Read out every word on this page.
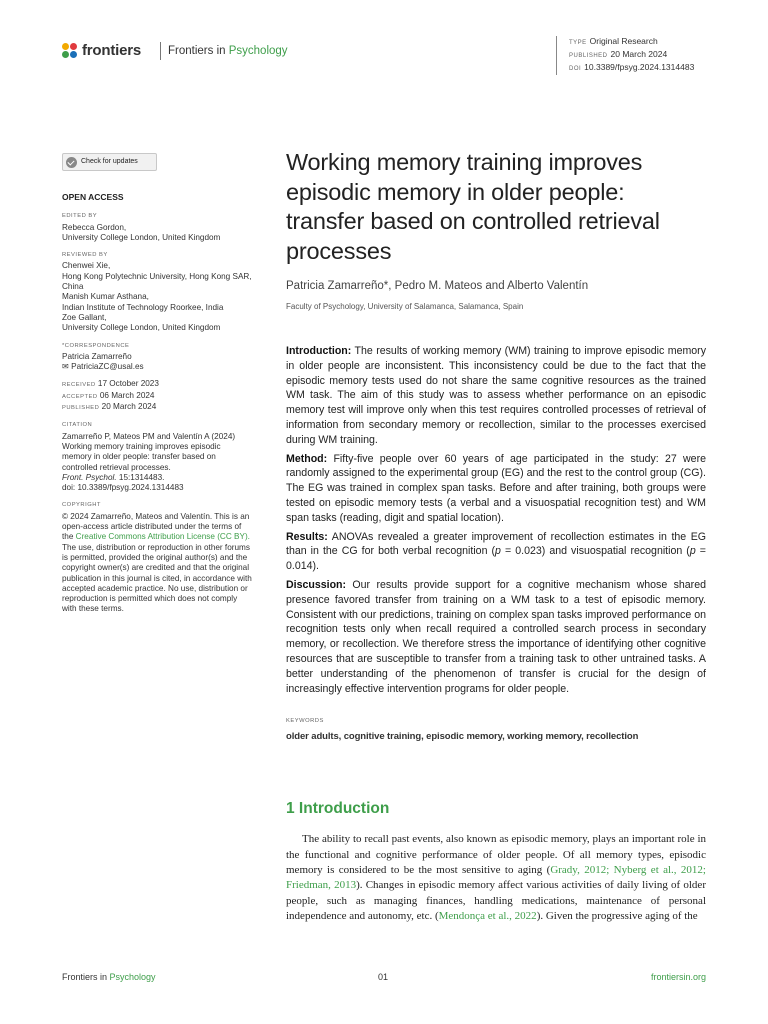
frontiers	Frontiers in Psychology
TYPE Original Research
PUBLISHED 20 March 2024
DOI 10.3389/fpsyg.2024.1314483
Check for updates
OPEN ACCESS
EDITED BY
Rebecca Gordon,
University College London, United Kingdom
REVIEWED BY
Chenwei Xie,
Hong Kong Polytechnic University, Hong Kong SAR, China
Manish Kumar Asthana,
Indian Institute of Technology Roorkee, India
Zoe Gallant,
University College London, United Kingdom
*CORRESPONDENCE
Patricia Zamarreño
✉ PatriciaZC@usal.es
RECEIVED 17 October 2023
ACCEPTED 06 March 2024
PUBLISHED 20 March 2024
CITATION
Zamarreño P, Mateos PM and Valentín A (2024) Working memory training improves episodic memory in older people: transfer based on controlled retrieval processes.
Front. Psychol. 15:1314483.
doi: 10.3389/fpsyg.2024.1314483
COPYRIGHT
© 2024 Zamarreño, Mateos and Valentín. This is an open-access article distributed under the terms of the Creative Commons Attribution License (CC BY). The use, distribution or reproduction in other forums is permitted, provided the original author(s) and the copyright owner(s) are credited and that the original publication in this journal is cited, in accordance with accepted academic practice. No use, distribution or reproduction is permitted which does not comply with these terms.
Working memory training improves episodic memory in older people: transfer based on controlled retrieval processes
Patricia Zamarreño*, Pedro M. Mateos and Alberto Valentín
Faculty of Psychology, University of Salamanca, Salamanca, Spain

Introduction: The results of working memory (WM) training to improve episodic memory in older people are inconsistent. This inconsistency could be due to the fact that the episodic memory tests used do not share the same cognitive resources as the trained WM task. The aim of this study was to assess whether performance on an episodic memory test will improve only when this test requires controlled processes of retrieval of information from secondary memory or recollection, similar to the processes exercised during WM training.

Method: Fifty-five people over 60 years of age participated in the study: 27 were randomly assigned to the experimental group (EG) and the rest to the control group (CG). The EG was trained in complex span tasks. Before and after training, both groups were tested on episodic memory tests (a verbal and a visuospatial recognition test) and WM span tasks (reading, digit and spatial location).

Results: ANOVAs revealed a greater improvement of recollection estimates in the EG than in the CG for both verbal recognition (p = 0.023) and visuospatial recognition (p = 0.014).

Discussion: Our results provide support for a cognitive mechanism whose shared presence favored transfer from training on a WM task to a test of episodic memory. Consistent with our predictions, training on complex span tasks improved performance on recognition tests only when recall required a controlled search process in secondary memory, or recollection. We therefore stress the importance of identifying other cognitive resources that are susceptible to transfer from a training task to other untrained tasks. A better understanding of the phenomenon of transfer is crucial for the design of increasingly effective intervention programs for older people.

KEYWORDS
older adults, cognitive training, episodic memory, working memory, recollection
1 Introduction

The ability to recall past events, also known as episodic memory, plays an important role in the functional and cognitive performance of older people. Of all memory types, episodic memory is considered to be the most sensitive to aging (Grady, 2012; Nyberg et al., 2012; Friedman, 2013). Changes in episodic memory affect various activities of daily living of older people, such as managing finances, handling medications, maintenance of personal independence and autonomy, etc. (Mendonça et al., 2022). Given the progressive aging of the

Frontiers in Psychology	01	frontiersin.org
